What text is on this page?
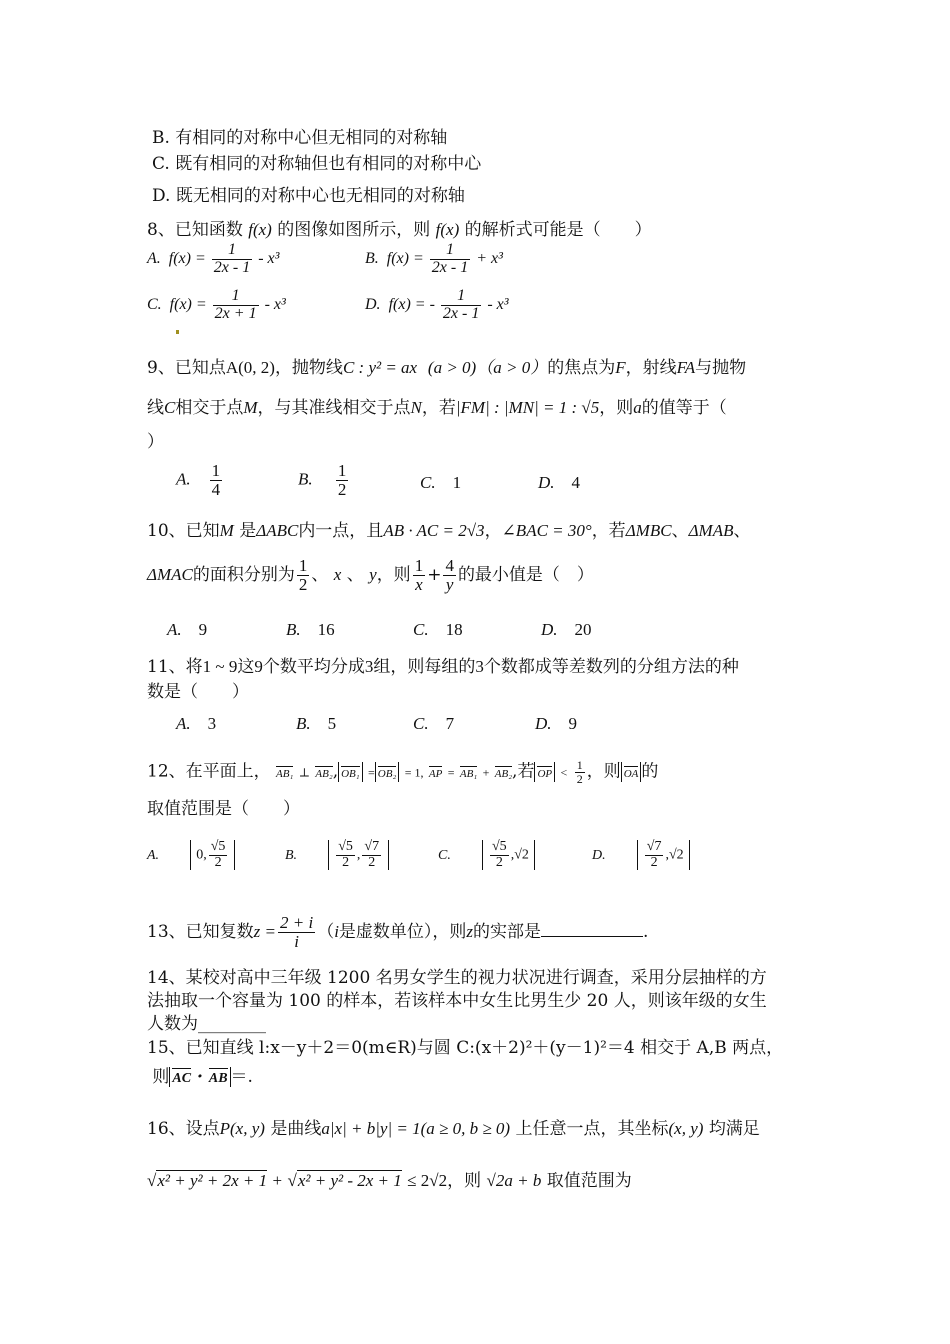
B. 有相同的对称中心但无相同的对称轴
C. 既有相同的对称轴但也有相同的对称中心
D. 既无相同的对称中心也无相同的对称轴
8、已知函数 f(x) 的图像如图所示，则 f(x) 的解析式可能是（　　）
A. $f(x) = \frac{1}{2x - 1} - x^3$	B. $f(x) = \frac{1}{2x - 1} + x^3$
C. $f(x) = \frac{1}{2x + 1} - x^3$	D. f(x) = - $\frac{1}{2x - 1} - x^3$
9、已知点A(0, 2)，抛物线C : y² = ax (a > 0)（a > 0）的焦点为F，射线FA与抛物
线C相交于点M，与其准线相交于点N，若|FM| : |MN| = 1 : √5，则a的值等于（
）
A. $\frac{1}{4}$	B. $\frac{1}{2}$	C. 1	D. 4
10、已知M 是ΔABC内一点，且AB · AC = 2√3，∠BAC = 30°，若ΔMBC、ΔMAB、
ΔMAC的面积分别为 $\frac{1}{2}$ 、 x 、 y，则 $\frac{1}{x} + \frac{4}{y}$ 的最小值是（　）
A. 9	B. 16	C. 18	D. 20
11、将1 ~ 9这9个数平均分成3组，则每组的3个数都成等差数列的分组方法的种
数是（　　）
A. 3	B. 5	C. 7	D. 9
12、在平面上， AB₁ ⊥ AB₂, OB₁ = OB₂ = 1, AP = AB₁ + AB₂,若 OP < $\frac{1}{2}$ ，则 OA 的
取值范围是（　　）
A.	0, $\frac{√5}{2}$	B.	$\frac{√5}{2}$ , $\frac{√7}{2}$	C.	$\frac{√5}{2} ,√2$	D.	$\frac{√7}{2} ,√2$
13、已知复数$z = \frac{2 + i}{i} (i$是虚数单位），则z的实部是	.
14、某校对高中三年级 1200 名男女学生的视力状况进行调查，采用分层抽样的方
法抽取一个容量为 100 的样本，若该样本中女生比男生少 20 人，则该年级的女生
人数为________
15、已知直线 l:x－y＋2＝0(m∈R)与圆 C:(x＋2)²＋(y－1)²＝4 相交于 A,B 两点，
则 AC · AB ＝.
16、设点P(x, y) 是曲线a|x| + b|y| = 1(a ≥ 0, b ≥ 0) 上任意一点，其坐标(x, y) 均满足
√x² + y² + 2x + 1 + √x² + y² - 2x + 1 ≤ 2√2，则 √2a + b 取值范围为
